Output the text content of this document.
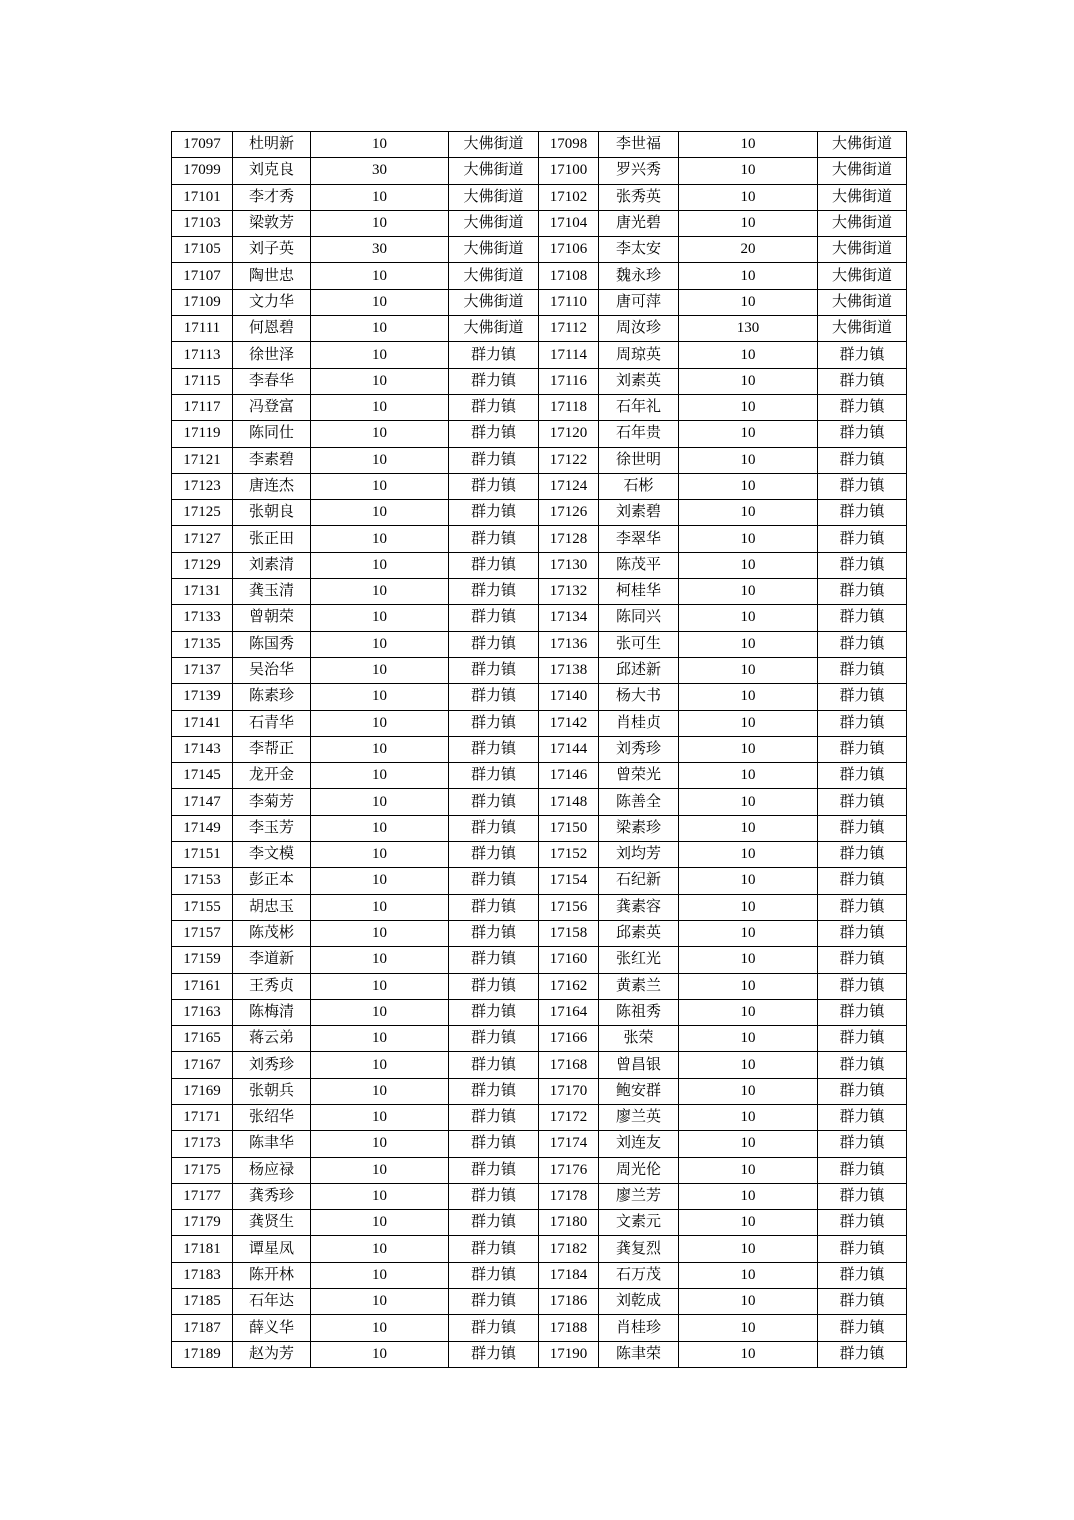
17097	杜明新	10	大佛街道	17098	李世福	10	大佛街道
17099	刘克良	30	大佛街道	17100	罗兴秀	10	大佛街道
17101	李才秀	10	大佛街道	17102	张秀英	10	大佛街道
17103	梁敦芳	10	大佛街道	17104	唐光碧	10	大佛街道
17105	刘子英	30	大佛街道	17106	李太安	20	大佛街道
17107	陶世忠	10	大佛街道	17108	魏永珍	10	大佛街道
17109	文力华	10	大佛街道	17110	唐可萍	10	大佛街道
17111	何恩碧	10	大佛街道	17112	周汝珍	130	大佛街道
17113	徐世泽	10	群力镇	17114	周琼英	10	群力镇
17115	李春华	10	群力镇	17116	刘素英	10	群力镇
17117	冯登富	10	群力镇	17118	石年礼	10	群力镇
17119	陈同仕	10	群力镇	17120	石年贵	10	群力镇
17121	李素碧	10	群力镇	17122	徐世明	10	群力镇
17123	唐连杰	10	群力镇	17124	石彬	10	群力镇
17125	张朝良	10	群力镇	17126	刘素碧	10	群力镇
17127	张正田	10	群力镇	17128	李翠华	10	群力镇
17129	刘素清	10	群力镇	17130	陈茂平	10	群力镇
17131	龚玉清	10	群力镇	17132	柯桂华	10	群力镇
17133	曾朝荣	10	群力镇	17134	陈同兴	10	群力镇
17135	陈国秀	10	群力镇	17136	张可生	10	群力镇
17137	吴治华	10	群力镇	17138	邱述新	10	群力镇
17139	陈素珍	10	群力镇	17140	杨大书	10	群力镇
17141	石青华	10	群力镇	17142	肖桂贞	10	群力镇
17143	李帮正	10	群力镇	17144	刘秀珍	10	群力镇
17145	龙开金	10	群力镇	17146	曾荣光	10	群力镇
17147	李菊芳	10	群力镇	17148	陈善全	10	群力镇
17149	李玉芳	10	群力镇	17150	梁素珍	10	群力镇
17151	李文模	10	群力镇	17152	刘均芳	10	群力镇
17153	彭正本	10	群力镇	17154	石纪新	10	群力镇
17155	胡忠玉	10	群力镇	17156	龚素容	10	群力镇
17157	陈茂彬	10	群力镇	17158	邱素英	10	群力镇
17159	李道新	10	群力镇	17160	张红光	10	群力镇
17161	王秀贞	10	群力镇	17162	黄素兰	10	群力镇
17163	陈梅清	10	群力镇	17164	陈祖秀	10	群力镇
17165	蒋云弟	10	群力镇	17166	张荣	10	群力镇
17167	刘秀珍	10	群力镇	17168	曾昌银	10	群力镇
17169	张朝兵	10	群力镇	17170	鲍安群	10	群力镇
17171	张绍华	10	群力镇	17172	廖兰英	10	群力镇
17173	陈聿华	10	群力镇	17174	刘连友	10	群力镇
17175	杨应禄	10	群力镇	17176	周光伦	10	群力镇
17177	龚秀珍	10	群力镇	17178	廖兰芳	10	群力镇
17179	龚贤生	10	群力镇	17180	文素元	10	群力镇
17181	谭星凤	10	群力镇	17182	龚复烈	10	群力镇
17183	陈开林	10	群力镇	17184	石万茂	10	群力镇
17185	石年达	10	群力镇	17186	刘乾成	10	群力镇
17187	薛义华	10	群力镇	17188	肖桂珍	10	群力镇
17189	赵为芳	10	群力镇	17190	陈聿荣	10	群力镇
